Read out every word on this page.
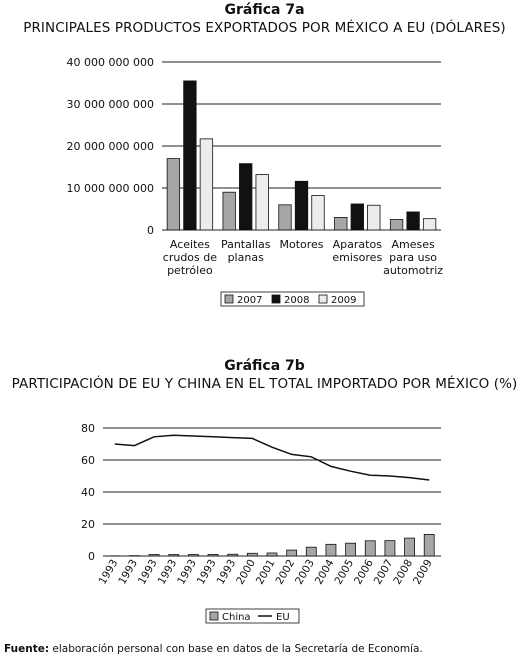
Gráfica 7a
PRINCIPALES PRODUCTOS EXPORTADOS POR MÉXICO A EU (DÓLARES)
0
10 000 000 000
20 000 000 000
30 000 000 000
40 000 000 000
Aceites
crudos de
petróleo
Pantallas
planas
Motores Aparatos
emisores
Ameses
para uso
automotriz
2007 2008 2009
Gráfica 7b
PARTICIPACIÓN DE EU Y CHINA EN EL TOTAL IMPORTADO POR MÉXICO (%)
0
20
40
60
80
1993
1993
1993
1993
1993
1993
1993
2000
2001
2002
2003
2004
2005
2006
2007
2008
2009
China	EU
Fuente: elaboración personal con base en datos de la Secretaría de Economía.
